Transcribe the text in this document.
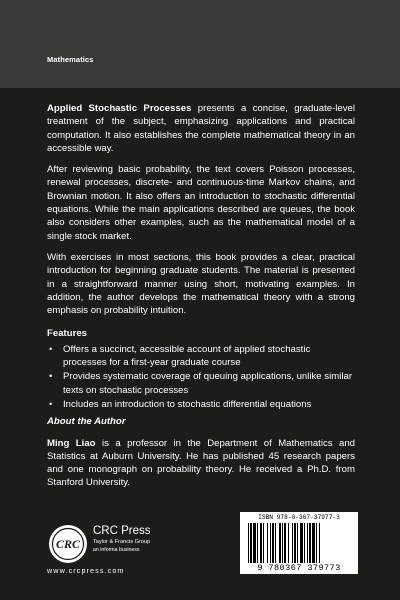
Mathematics

Applied Stochastic Processes presents a concise, graduate-level treatment of the subject, emphasizing applications and practical computation. It also establishes the complete mathematical theory in an accessible way.

After reviewing basic probability, the text covers Poisson processes, renewal processes, discrete- and continuous-time Markov chains, and Brownian motion. It also offers an introduction to stochastic differential equations. While the main applications described are queues, the book also considers other examples, such as the mathematical model of a single stock market.

With exercises in most sections, this book provides a clear, practical introduction for beginning graduate students. The material is presented in a straightforward manner using short, motivating examples. In addition, the author develops the mathematical theory with a strong emphasis on probability intuition.

Features
• Offers a succinct, accessible account of applied stochastic processes for a first-year graduate course
• Provides systematic coverage of queuing applications, unlike similar texts on stochastic processes
• Includes an introduction to stochastic differential equations

About the Author

Ming Liao is a professor in the Department of Mathematics and Statistics at Auburn University. He has published 45 research papers and one monograph on probability theory. He received a Ph.D. from Stanford University.

CRC
CRC Press
Taylor & Francis Group
an informa business
www.crcpress.com
ISBN 978-0-367-37977-3
9 780367 379773
